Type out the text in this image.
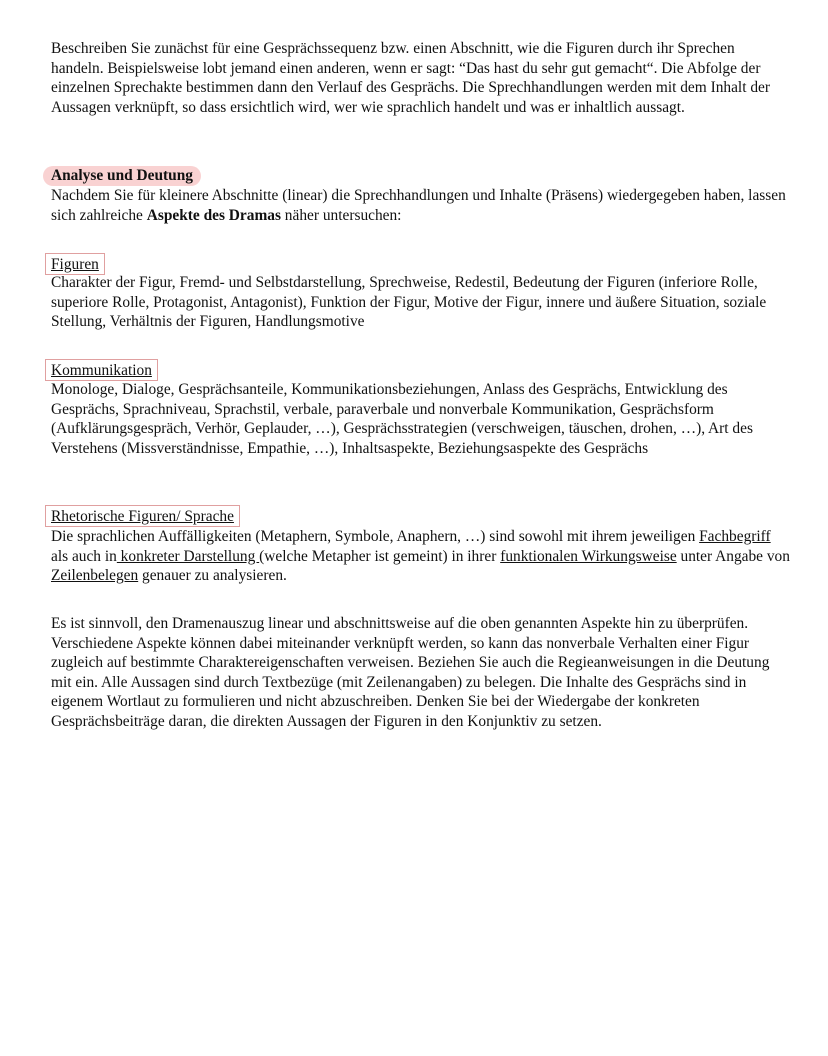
Beschreiben Sie zunächst für eine Gesprächssequenz bzw. einen Abschnitt, wie die Figuren durch ihr Sprechen handeln. Beispielsweise lobt jemand einen anderen, wenn er sagt: “Das hast du sehr gut gemacht“. Die Abfolge der einzelnen Sprechakte bestimmen dann den Verlauf des Gesprächs. Die Sprechhandlungen werden mit dem Inhalt der Aussagen verknüpft, so dass ersichtlich wird, wer wie sprachlich handelt und was er inhaltlich aussagt.

Analyse und Deutung

Nachdem Sie für kleinere Abschnitte (linear) die Sprechhandlungen und Inhalte (Präsens) wiedergegeben haben, lassen sich zahlreiche Aspekte des Dramas näher untersuchen:

Figuren

Charakter der Figur, Fremd- und Selbstdarstellung, Sprechweise, Redestil, Bedeutung der Figuren (inferiore Rolle, superiore Rolle, Protagonist, Antagonist), Funktion der Figur, Motive der Figur, innere und äußere Situation, soziale Stellung, Verhältnis der Figuren, Handlungsmotive

Kommunikation

Monologe, Dialoge, Gesprächsanteile, Kommunikationsbeziehungen, Anlass des Gesprächs, Entwicklung des Gesprächs, Sprachniveau, Sprachstil, verbale, paraverbale und nonverbale Kommunikation, Gesprächsform (Aufklärungsgespräch, Verhör, Geplauder, …), Gesprächsstrategien (verschweigen, täuschen, drohen, …), Art des Verstehens (Missverständnisse, Empathie, …), Inhaltsaspekte, Beziehungsaspekte des Gesprächs

Rhetorische Figuren/ Sprache

Die sprachlichen Auffälligkeiten (Metaphern, Symbole, Anaphern, …) sind sowohl mit ihrem jeweiligen Fachbegriff als auch in konkreter Darstellung (welche Metapher ist gemeint) in ihrer funktionalen Wirkungsweise unter Angabe von Zeilenbelegen genauer zu analysieren.

Es ist sinnvoll, den Dramenauszug linear und abschnittsweise auf die oben genannten Aspekte hin zu überprüfen. Verschiedene Aspekte können dabei miteinander verknüpft werden, so kann das nonverbale Verhalten einer Figur zugleich auf bestimmte Charaktereigenschaften verweisen. Beziehen Sie auch die Regieanweisungen in die Deutung mit ein. Alle Aussagen sind durch Textbezüge (mit Zeilenangaben) zu belegen. Die Inhalte des Gesprächs sind in eigenem Wortlaut zu formulieren und nicht abzuschreiben. Denken Sie bei der Wiedergabe der konkreten Gesprächsbeiträge daran, die direkten Aussagen der Figuren in den Konjunktiv zu setzen.
